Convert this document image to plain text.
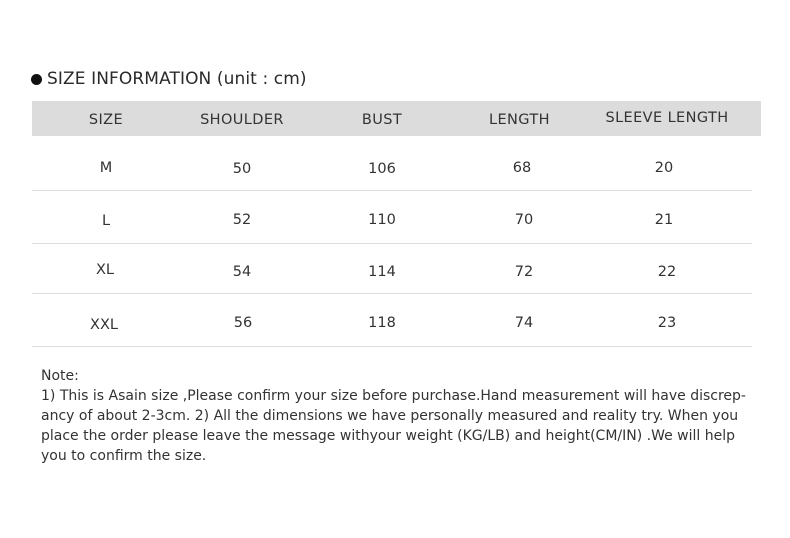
SIZE INFORMATION (unit : cm)
SIZE	SHOULDER	BUST	LENGTH	SLEEVE LENGTH
M	50	106	68	20
L	52	110	70	21
XL	54	114	72	22
XXL	56	118	74	23

Note:

1) This is Asain size ,Please confirm your size before purchase.Hand measurement will have discrep-

ancy of about 2-3cm. 2) All the dimensions we have personally measured and reality try. When you

place the order please leave the message withyour weight (KG/LB) and height(CM/IN) .We will help

you to confirm the size.
